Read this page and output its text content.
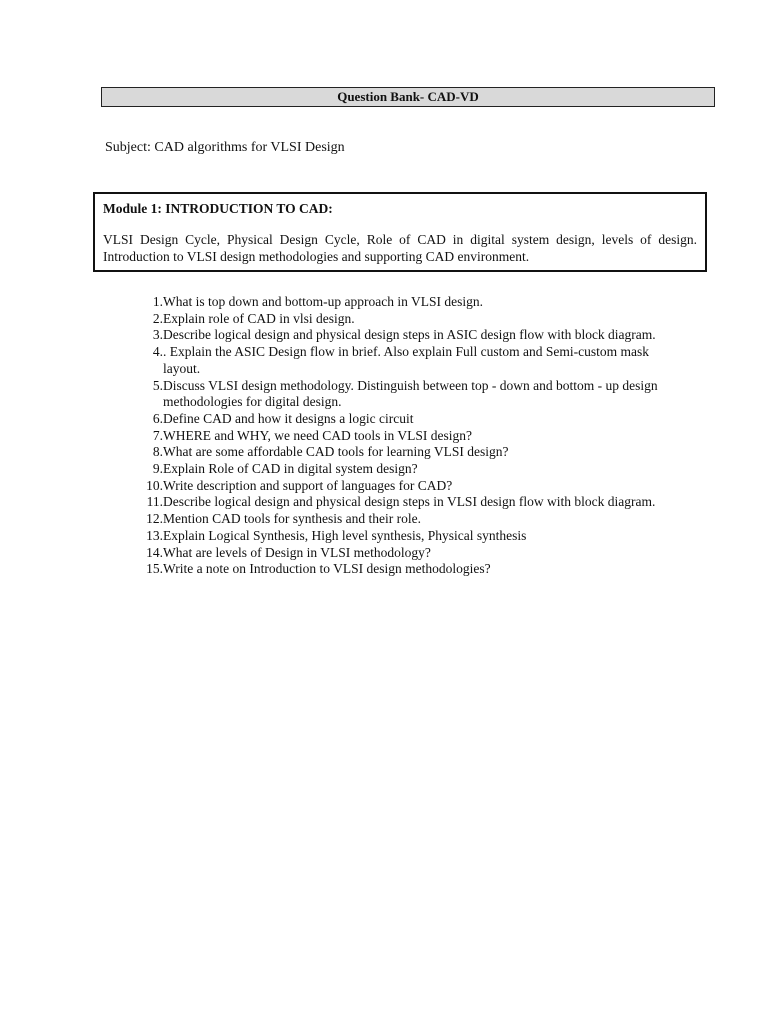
Question Bank- CAD-VD
Subject: CAD algorithms for VLSI Design
Module 1: INTRODUCTION TO CAD:
VLSI Design Cycle, Physical Design Cycle, Role of CAD in digital system design, levels of design. Introduction to VLSI design methodologies and supporting CAD environment.
1. What is top down and bottom-up approach in VLSI design.
2. Explain role of CAD in vlsi design.
3. Describe logical design and physical design steps in ASIC design flow with block diagram.
4. . Explain the ASIC Design flow in brief. Also explain Full custom and Semi-custom mask layout.
5. Discuss VLSI design methodology. Distinguish between top - down and bottom - up design methodologies for digital design.
6. Define CAD and how it designs a logic circuit
7. WHERE and WHY, we need CAD tools in VLSI design?
8. What are some affordable CAD tools for learning VLSI design?
9. Explain Role of CAD in digital system design?
10. Write description and support of languages for CAD?
11. Describe logical design and physical design steps in VLSI design flow with block diagram.
12. Mention CAD tools for synthesis and their role.
13. Explain Logical Synthesis, High level synthesis, Physical synthesis
14. What are levels of Design in VLSI methodology?
15. Write a note on Introduction to VLSI design methodologies?
